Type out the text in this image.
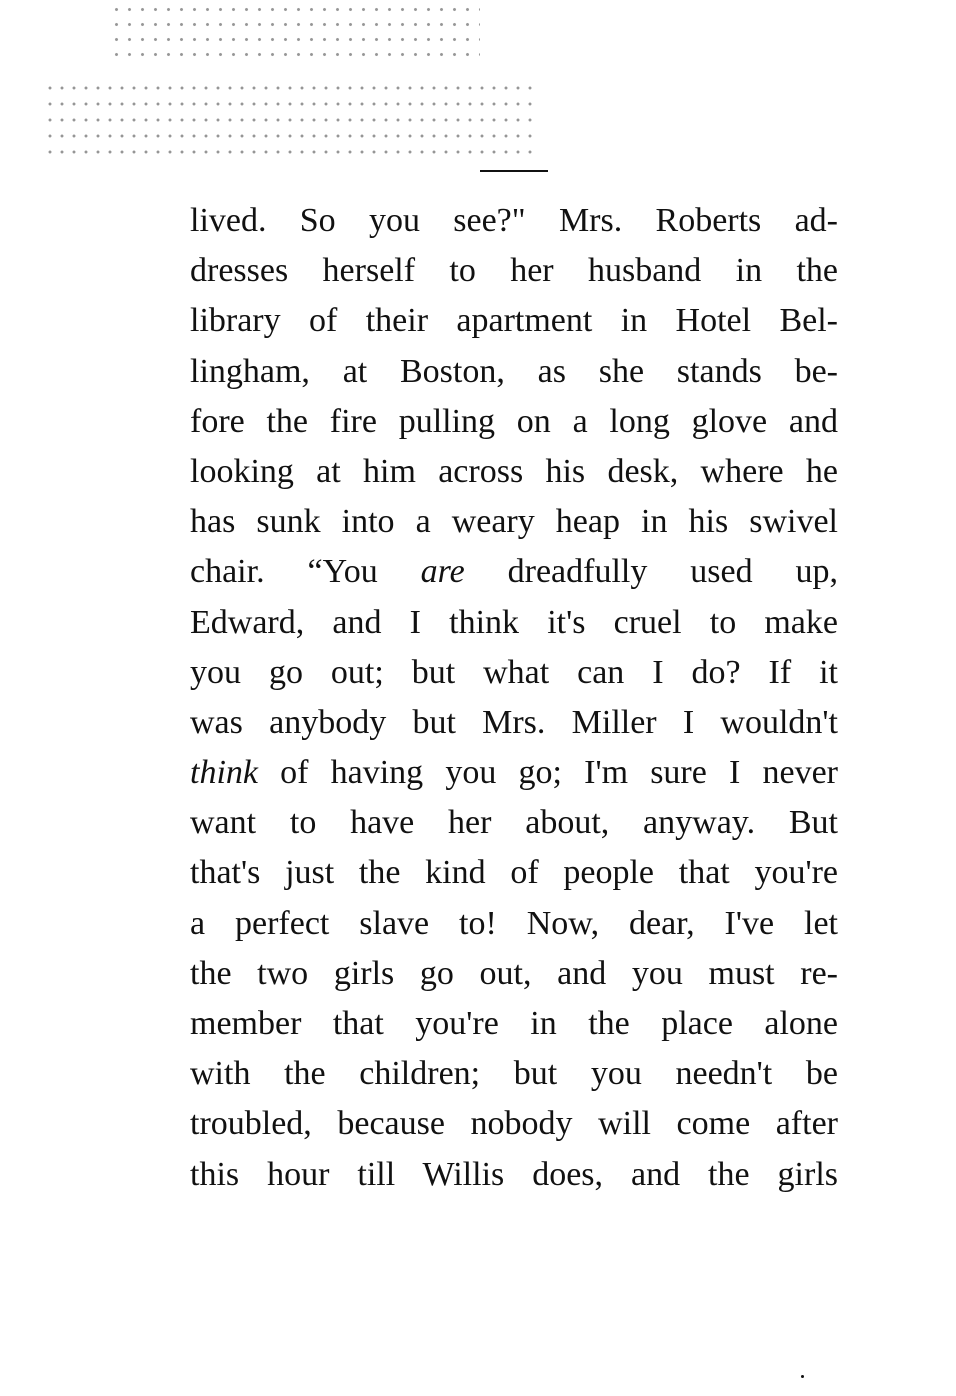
lived. So you see?" Mrs. Roberts ad-
dresses herself to her husband in the
library of their apartment in Hotel Bel-
lingham, at Boston, as she stands be-
fore the fire pulling on a long glove and
looking at him across his desk, where he
has sunk into a weary heap in his swivel
chair. “You are dreadfully used up,
Edward, and I think it's cruel to make
you go out; but what can I do? If it
was anybody but Mrs. Miller I wouldn't
think of having you go; I'm sure I never
want to have her about, anyway. But
that's just the kind of people that you're
a perfect slave to! Now, dear, I've let
the two girls go out, and you must re-
member that you're in the place alone
with the children; but you needn't be
troubled, because nobody will come after
this hour till Willis does, and the girls
